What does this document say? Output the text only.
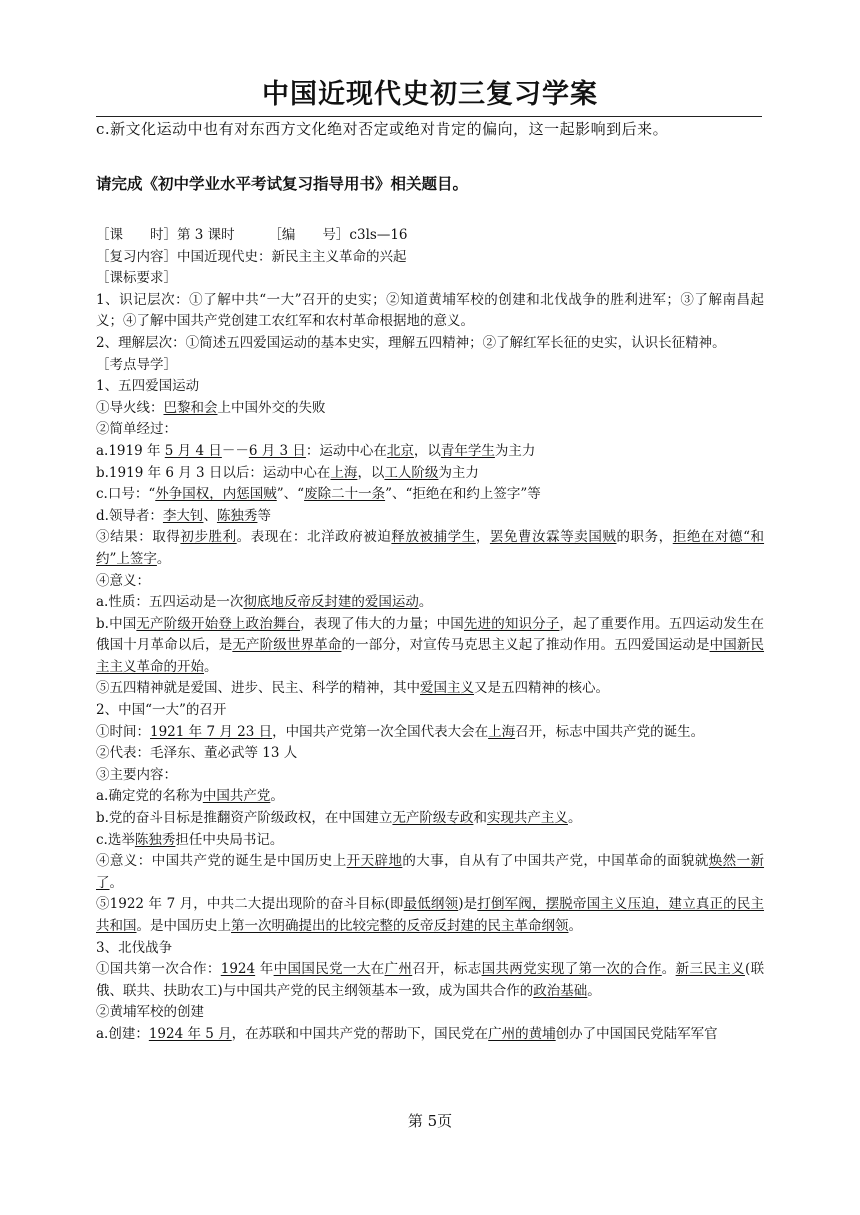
中国近现代史初三复习学案
c.新文化运动中也有对东西方文化绝对否定或绝对肯定的偏向，这一起影响到后来。
请完成《初中学业水平考试复习指导用书》相关题目。
［课　　时］第 3 课时　　　［编　　号］c3ls—16
［复习内容］中国近现代史：新民主主义革命的兴起
［课标要求］
1、识记层次：①了解中共“一大”召开的史实；②知道黄埔军校的创建和北伐战争的胜利进军；③了解南昌起义；④了解中国共产党创建工农红军和农村革命根据地的意义。
2、理解层次：①简述五四爱国运动的基本史实，理解五四精神；②了解红军长征的史实，认识长征精神。
［考点导学］
1、五四爱国运动
①导火线：巴黎和会上中国外交的失败
②简单经过：
a.1919 年 5 月 4 日－－6 月 3 日：运动中心在北京，以青年学生为主力
b.1919 年 6 月 3 日以后：运动中心在上海，以工人阶级为主力
c.口号：“外争国权，内惩国贼”、“废除二十一条”、“拒绝在和约上签字”等
d.领导者：李大钊、陈独秀等
③结果：取得初步胜利。表现在：北洋政府被迫释放被捕学生，罢免曹汝霖等卖国贼的职务，拒绝在对德“和约”上签字。
④意义：
a.性质：五四运动是一次彻底地反帝反封建的爱国运动。
b.中国无产阶级开始登上政治舞台，表现了伟大的力量；中国先进的知识分子，起了重要作用。五四运动发生在俄国十月革命以后，是无产阶级世界革命的一部分，对宣传马克思主义起了推动作用。五四爱国运动是中国新民主主义革命的开始。
⑤五四精神就是爱国、进步、民主、科学的精神，其中爱国主义又是五四精神的核心。
2、中国“一大”的召开
①时间：1921 年 7 月 23 日，中国共产党第一次全国代表大会在上海召开，标志中国共产党的诞生。
②代表：毛泽东、董必武等 13 人
③主要内容：
a.确定党的名称为中国共产党。
b.党的奋斗目标是推翻资产阶级政权，在中国建立无产阶级专政和实现共产主义。
c.选举陈独秀担任中央局书记。
④意义：中国共产党的诞生是中国历史上开天辟地的大事，自从有了中国共产党，中国革命的面貌就焕然一新了。
⑤1922 年 7 月，中共二大提出现阶的奋斗目标(即最低纲领)是打倒军阀，摆脱帝国主义压迫，建立真正的民主共和国。是中国历史上第一次明确提出的比较完整的反帝反封建的民主革命纲领。
3、北伐战争
①国共第一次合作：1924 年中国国民党一大在广州召开，标志国共两党实现了第一次的合作。新三民主义(联俄、联共、扶助农工)与中国共产党的民主纲领基本一致，成为国共合作的政治基础。
②黄埔军校的创建
a.创建：1924 年 5 月，在苏联和中国共产党的帮助下，国民党在广州的黄埔创办了中国国民党陆军军官
第 5页
